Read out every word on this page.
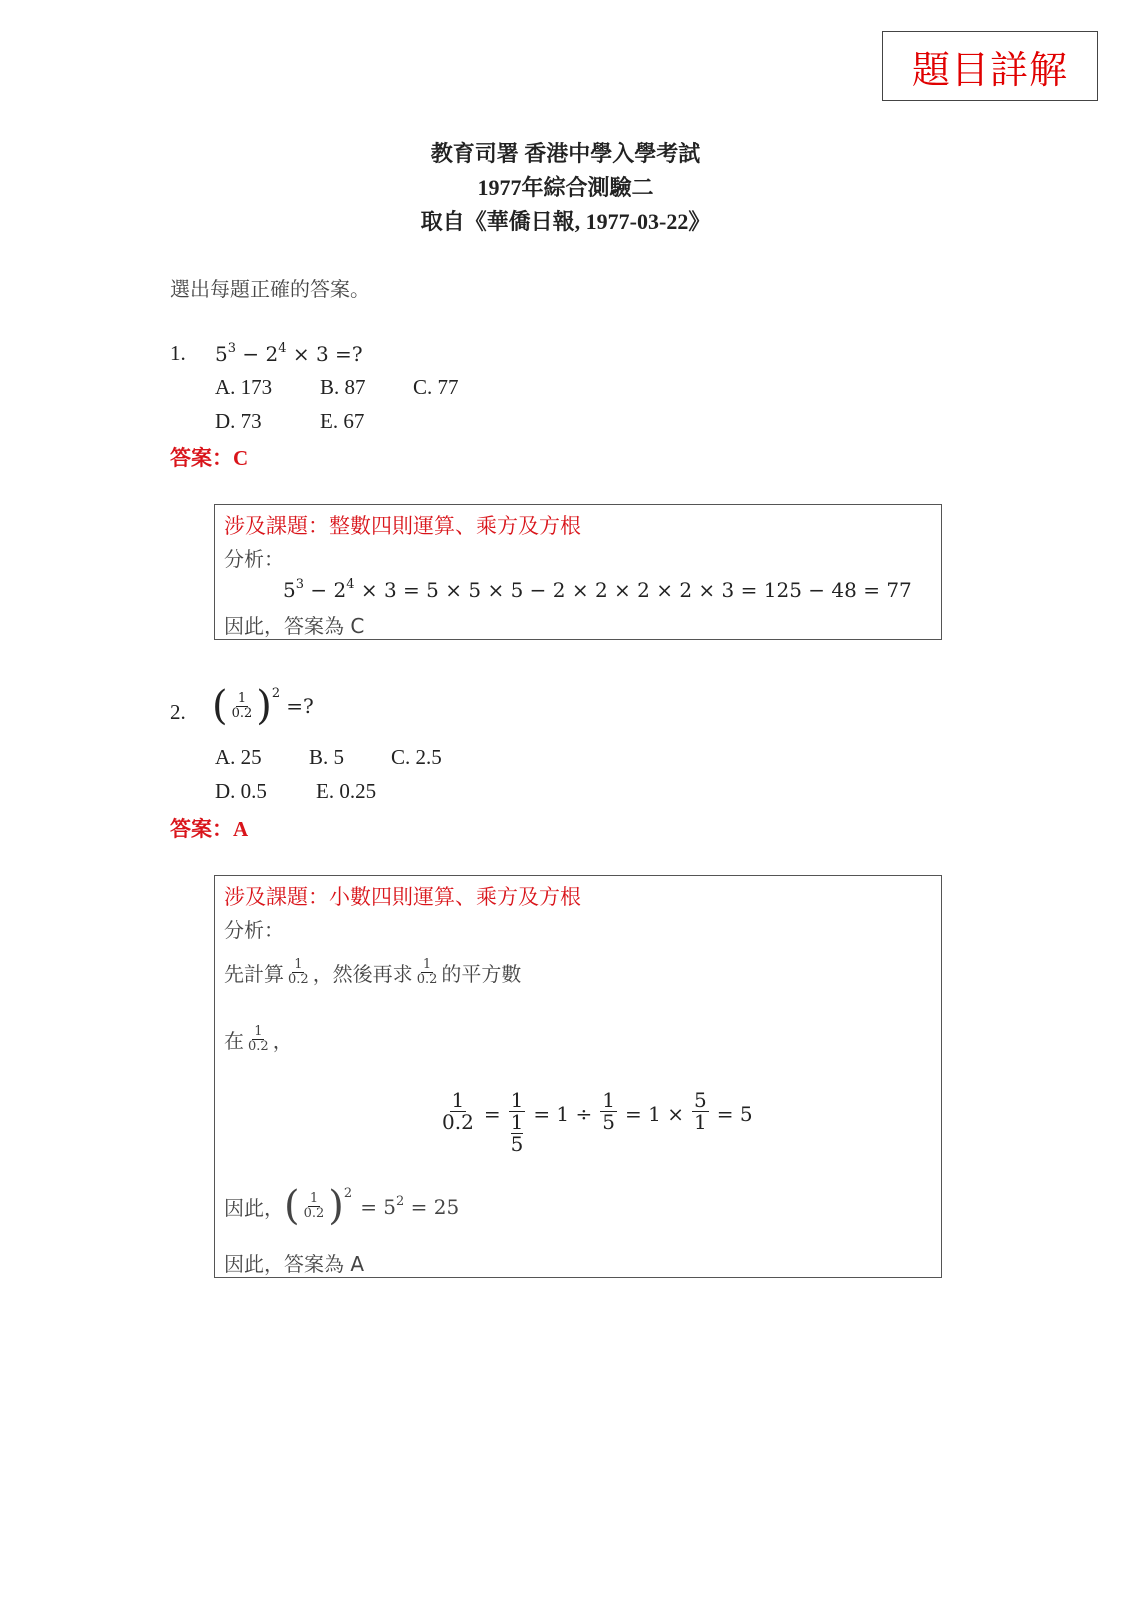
題目詳解
教育司署 香港中學入學考試
1977年綜合測驗二
取自《華僑日報, 1977-03-22》
選出每題正確的答案。
1. $5^3 - 2^4 \times 3$ =?
A. 173 B. 87 C. 77
D. 73	E. 67
答案：C
涉及課題：整數四則運算、乘方及方根
分析：
$5^3 - 2^4 \times 3 = 5 \times 5 \times 5 - 2 \times 2 \times 2 \times 2 \times 3 = 125 - 48 = 77$
因此，答案為 C
2. ( $\frac{1}{0.2}$ ) 2
=?
A. 25 B. 5 C. 2.5
D. 0.5 E. 0.25
答案：A
涉及課題：小數四則運算、乘方及方根
分析：
先計算 $\frac{1}{0.2}$ ，然後再求 $\frac{1}{0.2}$ 的平方數
在 $\frac{1}{0.2}$ ，
$\frac{1}{0.2} = 1$
1
$5 = 1 \div \frac{1}{5} = 1 \times \frac{5}{1} = 5$
因此， ( $\frac{1}{0.2}$ ) 2
= $5^2 = 25$
因此，答案為 A
